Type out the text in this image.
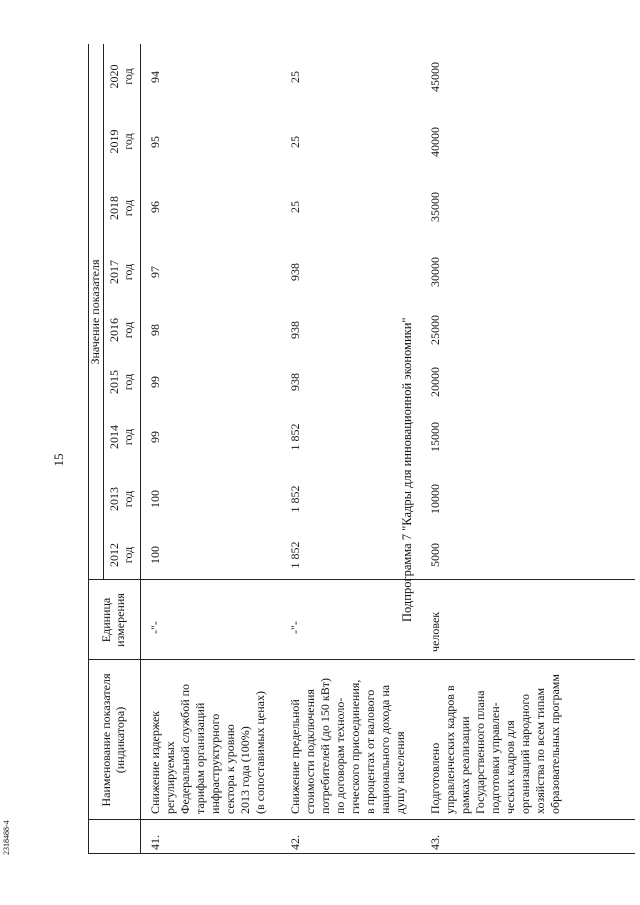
15
2318488-4
Наименование показателя
(индикатора)
Единица
измерения
Значение показателя
2012
год
2013
год
2014
год
2015
год
2016
год
2017
год
2018
год
2019
год
2020
год
41.
Снижение издержек
регулируемых
Федеральной службой по
тарифам организаций
инфраструктурного
сектора к уровню
2013 года (100%)
(в сопоставимых ценах)
-"-
100
100
99
99
98
97
96
95
94
42.
Снижение предельной
стоимости подключения
потребителей (до 150 кВт)
по договорам техноло-
гического присоединения,
в процентах от валового
национального дохода на
душу населения
-"-
1 852
1 852
1 852
938
938
938
25
25
25
Подпрограмма 7 "Кадры для инновационной экономики"
43.
Подготовлено
управленческих кадров в
рамках реализации
Государственного плана
подготовки управлен-
ческих кадров для
организаций народного
хозяйства по всем типам
образовательных программ
человек
5000
10000
15000
20000
25000
30000
35000
40000
45000
